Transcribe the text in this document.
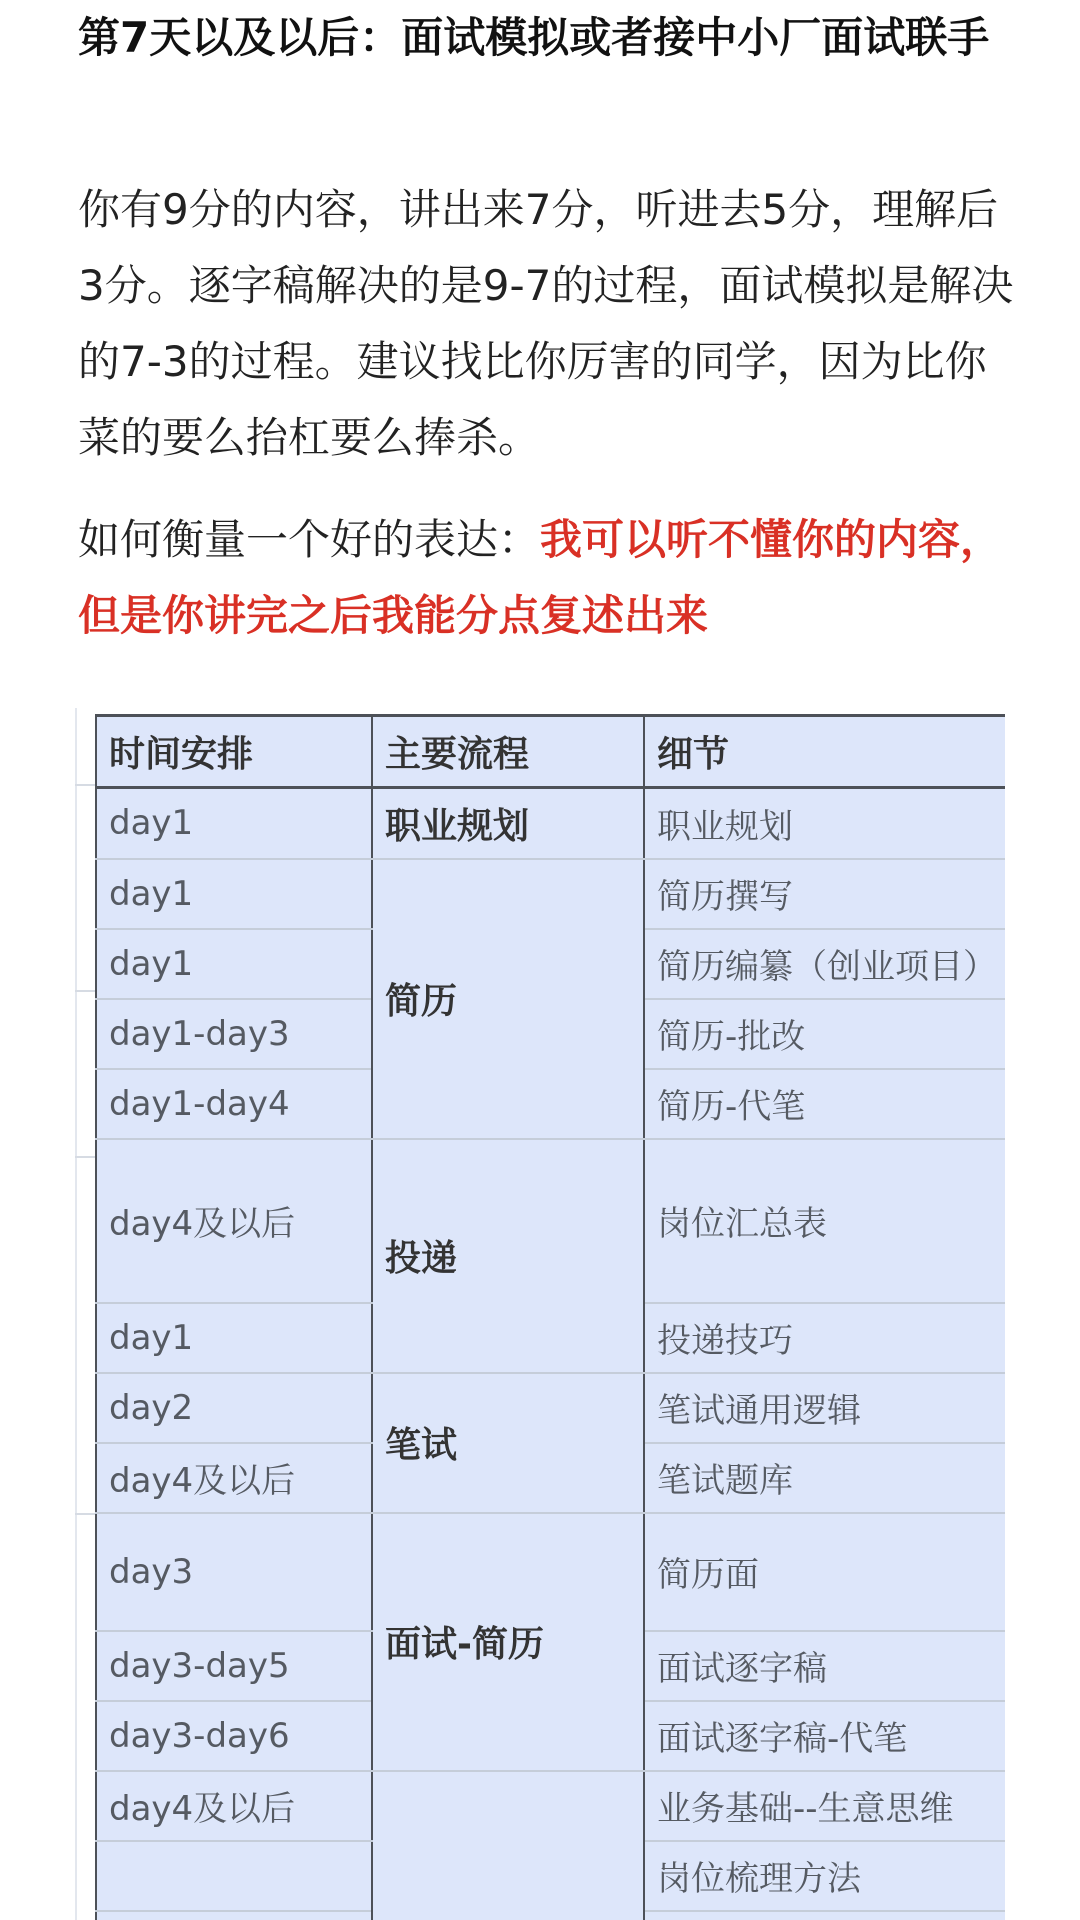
第7天以及以后：面试模拟或者接中小厂面试联手
你有9分的内容，讲出来7分，听进去5分，理解后3分。逐字稿解决的是9-7的过程，面试模拟是解决的7-3的过程。建议找比你厉害的同学，因为比你菜的要么抬杠要么捧杀。
如何衡量一个好的表达：我可以听不懂你的内容，但是你讲完之后我能分点复述出来
时间安排	主要流程	细节
day1	职业规划	职业规划
day1	简历	简历撰写
day1		简历编纂（创业项目）
day1-day3		简历-批改
day1-day4		简历-代笔
day4及以后	投递	岗位汇总表
day1		投递技巧
day2	笔试	笔试通用逻辑
day4及以后		笔试题库
day3	面试-简历	简历面
day3-day5		面试逐字稿
day3-day6		面试逐字稿-代笔
day4及以后		业务基础--生意思维
		岗位梳理方法
